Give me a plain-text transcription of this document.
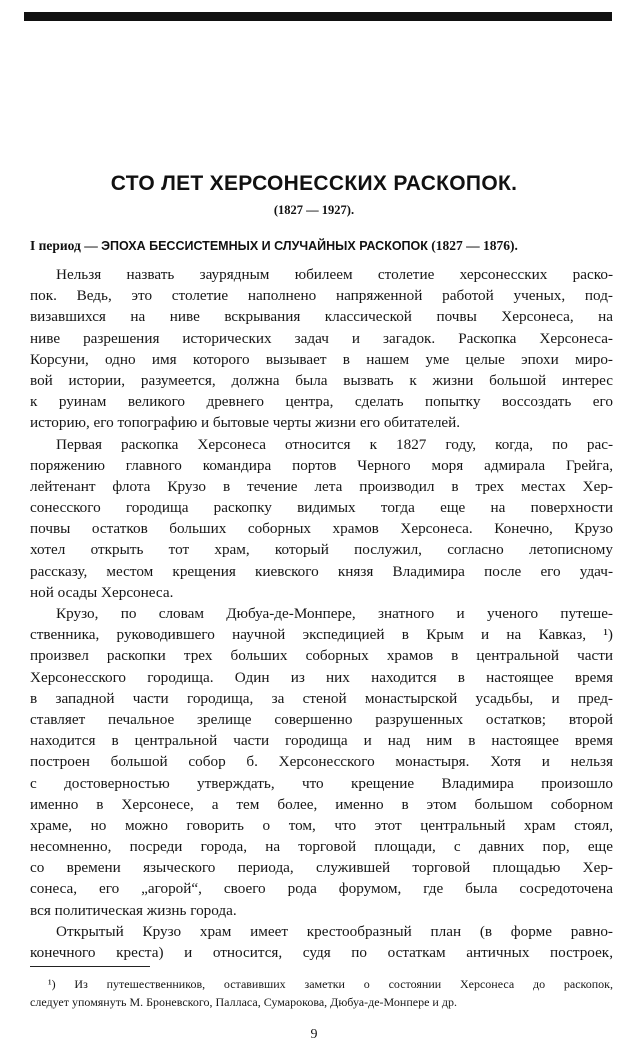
СТО ЛЕТ ХЕРСОНЕССКИХ РАСКОПОК.
(1827 — 1927).
I период — ЭПОХА БЕССИСТЕМНЫХ И СЛУЧАЙНЫХ РАСКОПОК (1827 — 1876).
Нельзя назвать заурядным юбилеем столетие херсонесских раско-
пок. Ведь, это столетие наполнено напряженной работой ученых, под-
визавшихся на ниве вскрывания классической почвы Херсонеса, на
ниве разрешения исторических задач и загадок. Раскопка Херсонеса-
Корсуни, одно имя которого вызывает в нашем уме целые эпохи миро-
вой истории, разумеется, должна была вызвать к жизни большой интерес
к руинам великого древнего центра, сделать попытку воссоздать его
историю, его топографию и бытовые черты жизни его обитателей.
Первая раскопка Херсонеса относится к 1827 году, когда, по рас-
поряжению главного командира портов Черного моря адмирала Грейга,
лейтенант флота Крузо в течение лета производил в трех местах Хер-
сонесского городища раскопку видимых тогда еще на поверхности
почвы остатков больших соборных храмов Херсонеса. Конечно, Крузо
хотел открыть тот храм, который послужил, согласно летописному
рассказу, местом крещения киевского князя Владимира после его удач-
ной осады Херсонеса.
Крузо, по словам Дюбуа-де-Монпере, знатного и ученого путеше-
ственника, руководившего научной экспедицией в Крым и на Кавказ, ¹)
произвел раскопки трех больших соборных храмов в центральной части
Херсонесского городища. Один из них находится в настоящее время
в западной части городища, за стеной монастырской усадьбы, и пред-
ставляет печальное зрелище совершенно разрушенных остатков; второй
находится в центральной части городища и над ним в настоящее время
построен большой собор б. Херсонесского монастыря. Хотя и нельзя
с достоверностью утверждать, что крещение Владимира произошло
именно в Херсонесе, а тем более, именно в этом большом соборном
храме, но можно говорить о том, что этот центральный храм стоял,
несомненно, посреди города, на торговой площади, с давних пор, еще
со времени языческого периода, служившей торговой площадью Хер-
сонеса, его „агорой“, своего рода форумом, где была сосредоточена
вся политическая жизнь города.
Открытый Крузо храм имеет крестообразный план (в форме равно-
конечного креста) и относится, судя по остаткам античных построек,
¹) Из путешественников, оставивших заметки о состоянии Херсонеса до раскопок,
следует упомянуть М. Броневского, Палласа, Сумарокова, Дюбуа-де-Монпере и др.
9
